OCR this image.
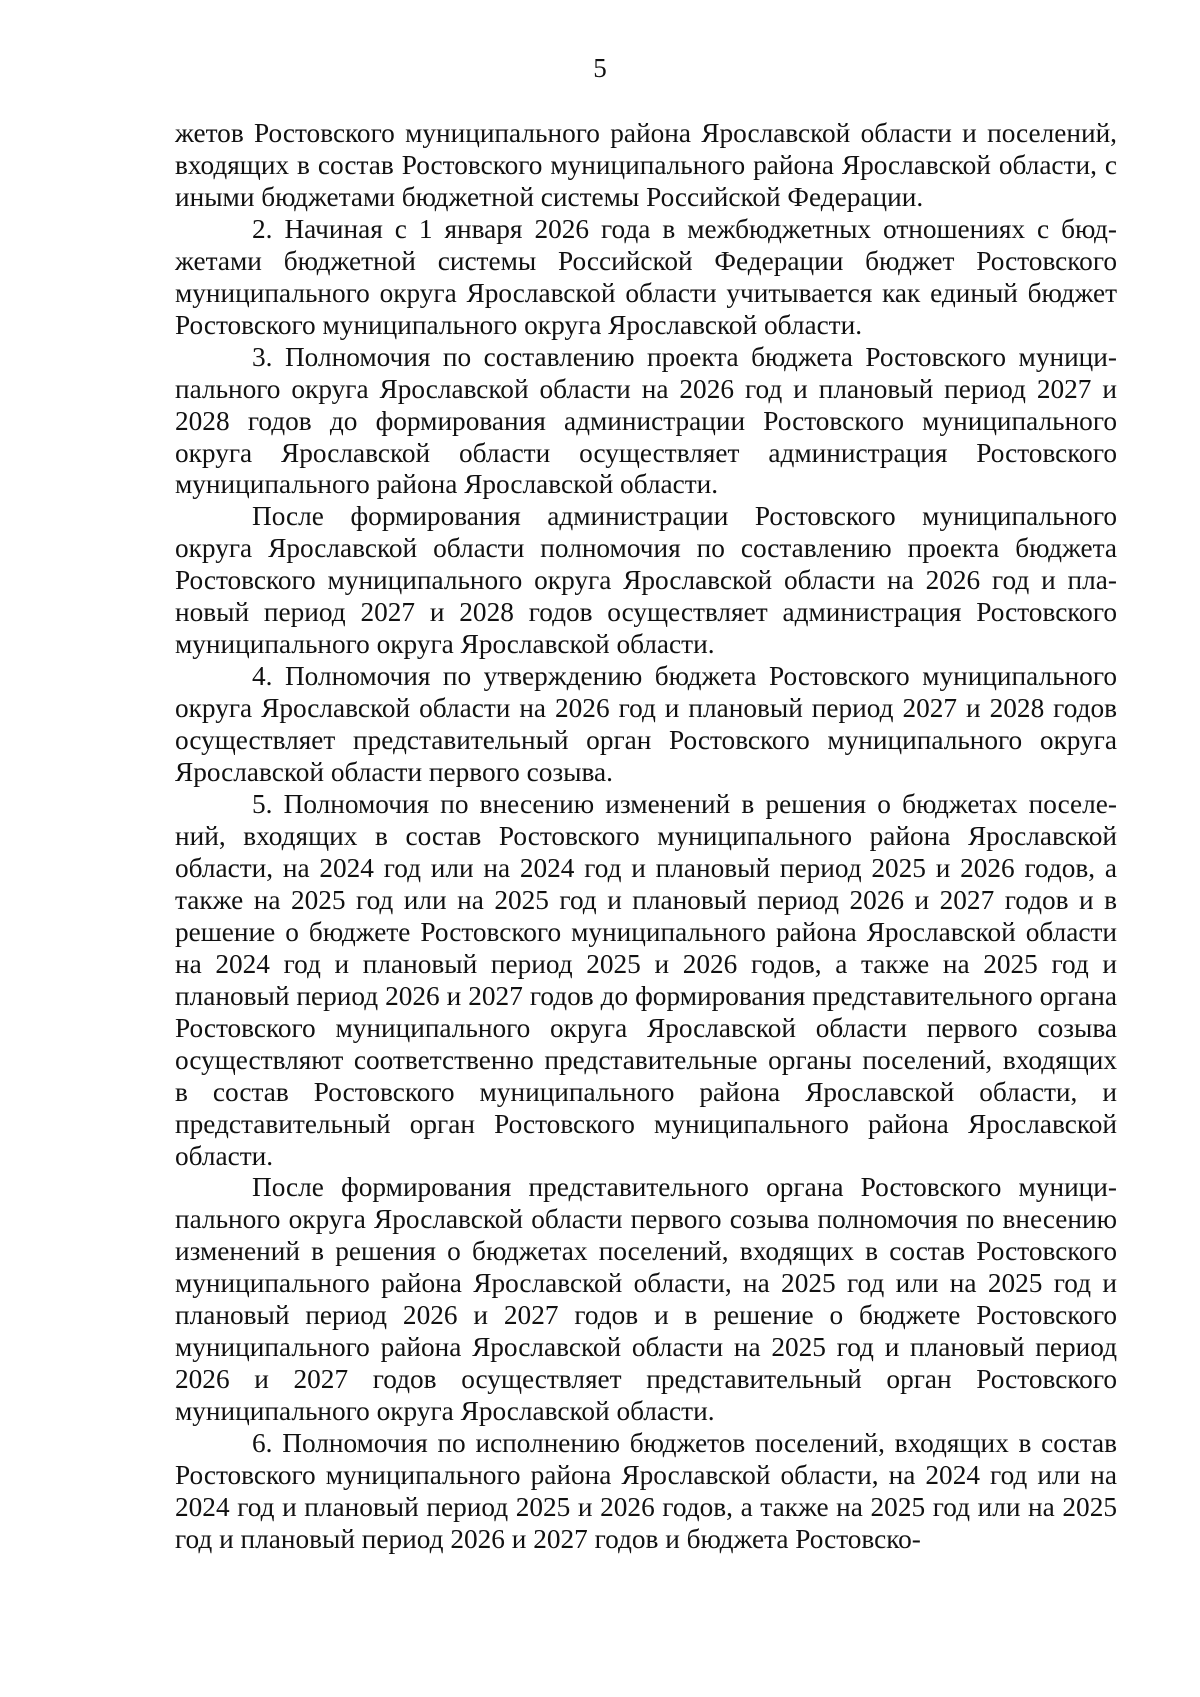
5

жетов Ростовского муниципального района Ярославской области и поселений, входящих в состав Ростовского муниципального района Ярославской области, с иными бюджетами бюджетной системы Российской Федерации.

2. Начиная с 1 января 2026 года в межбюджетных отношениях с бюджетами бюджетной системы Российской Федерации бюджет Ростовского муниципального округа Ярославской области учитывается как единый бюджет Ростовского муниципального округа Ярославской области.

3. Полномочия по составлению проекта бюджета Ростовского муниципального округа Ярославской области на 2026 год и плановый период 2027 и 2028 годов до формирования администрации Ростовского муниципального округа Ярославской области осуществляет администрация Ростовского муниципального района Ярославской области.

После формирования администрации Ростовского муниципального округа Ярославской области полномочия по составлению проекта бюджета Ростовского муниципального округа Ярославской области на 2026 год и плановый период 2027 и 2028 годов осуществляет администрация Ростовского муниципального округа Ярославской области.

4. Полномочия по утверждению бюджета Ростовского муниципального округа Ярославской области на 2026 год и плановый период 2027 и 2028 годов осуществляет представительный орган Ростовского муниципального округа Ярославской области первого созыва.

5. Полномочия по внесению изменений в решения о бюджетах поселений, входящих в состав Ростовского муниципального района Ярославской области, на 2024 год или на 2024 год и плановый период 2025 и 2026 годов, а также на 2025 год или на 2025 год и плановый период 2026 и 2027 годов и в решение о бюджете Ростовского муниципального района Ярославской области на 2024 год и плановый период 2025 и 2026 годов, а также на 2025 год и плановый период 2026 и 2027 годов до формирования представительного органа Ростовского муниципального округа Ярославской области первого созыва осуществляют соответственно представительные органы поселений, входящих в состав Ростовского муниципального района Ярославской области, и представительный орган Ростовского муниципального района Ярославской области.

После формирования представительного органа Ростовского муниципального округа Ярославской области первого созыва полномочия по внесению изменений в решения о бюджетах поселений, входящих в состав Ростовского муниципального района Ярославской области, на 2025 год или на 2025 год и плановый период 2026 и 2027 годов и в решение о бюджете Ростовского муниципального района Ярославской области на 2025 год и плановый период 2026 и 2027 годов осуществляет представительный орган Ростовского муниципального округа Ярославской области.

6. Полномочия по исполнению бюджетов поселений, входящих в состав Ростовского муниципального района Ярославской области, на 2024 год или на 2024 год и плановый период 2025 и 2026 годов, а также на 2025 год или на 2025 год и плановый период 2026 и 2027 годов и бюджета Ростовско-
